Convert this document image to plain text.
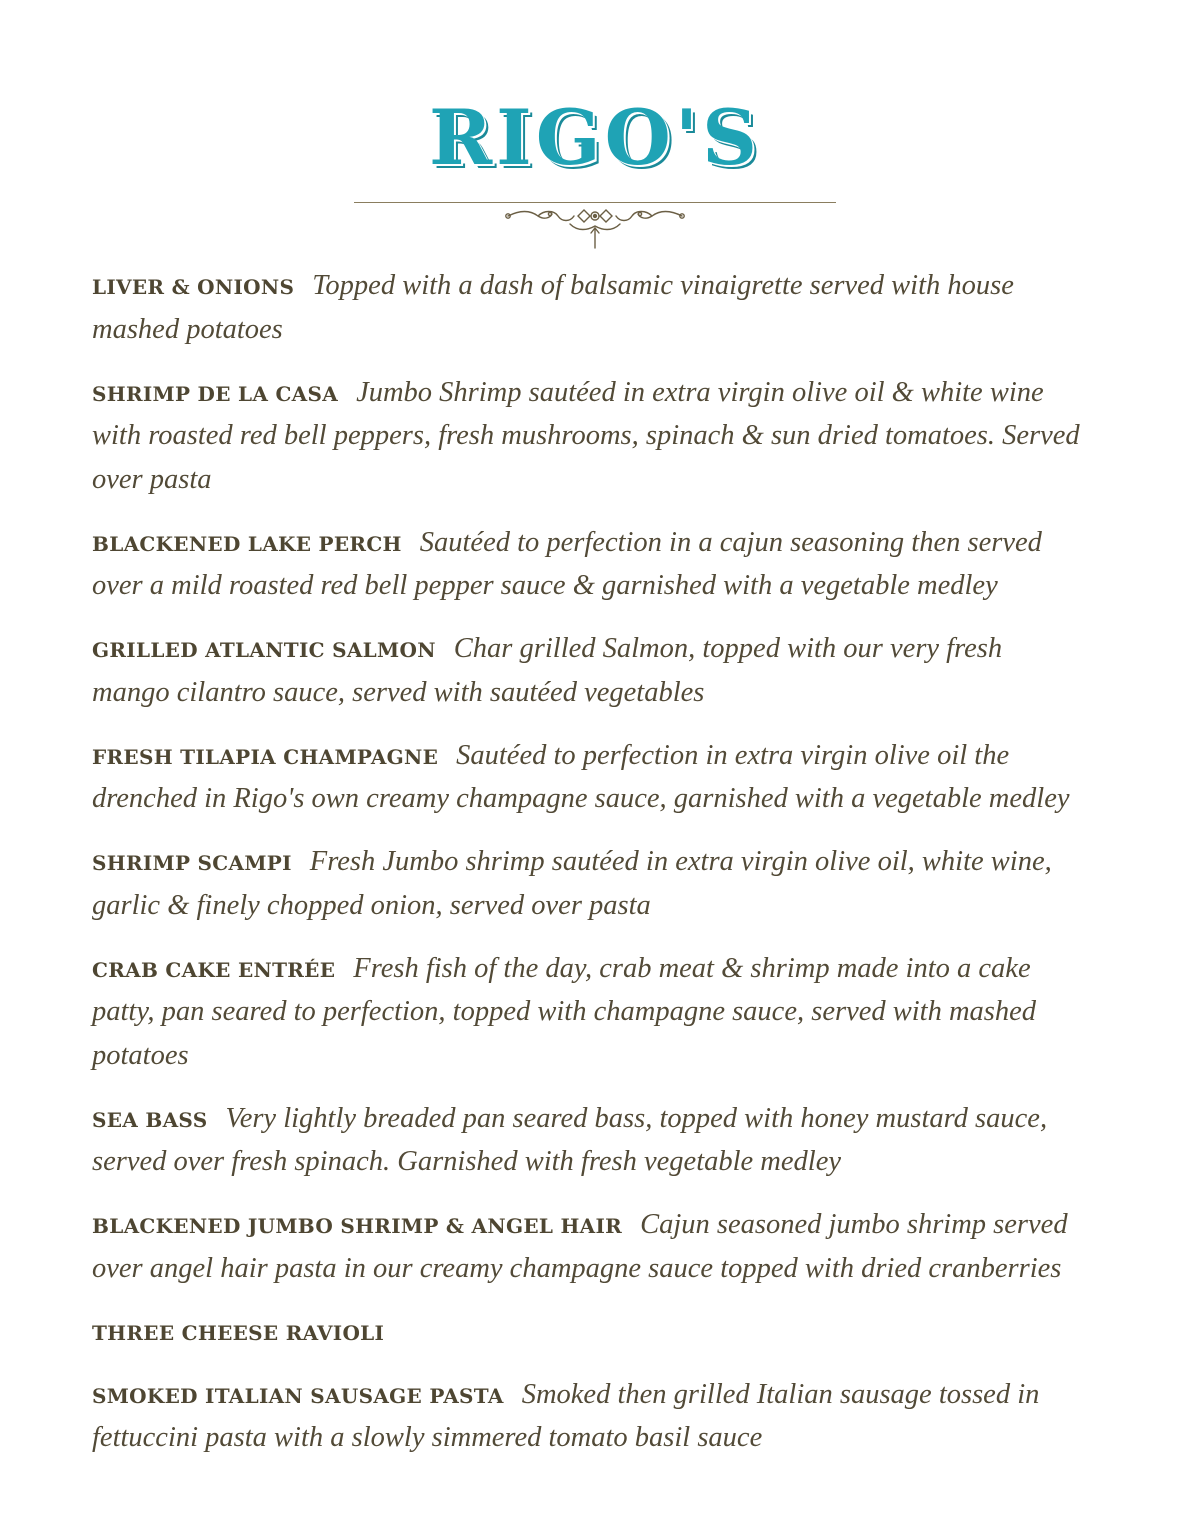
RIGO'S
LIVER & ONIONS Topped with a dash of balsamic vinaigrette served with house mashed potatoes
SHRIMP DE LA CASA Jumbo Shrimp sautéed in extra virgin olive oil & white wine with roasted red bell peppers, fresh mushrooms, spinach & sun dried tomatoes. Served over pasta
BLACKENED LAKE PERCH Sautéed to perfection in a cajun seasoning then served over a mild roasted red bell pepper sauce & garnished with a vegetable medley
GRILLED ATLANTIC SALMON Char grilled Salmon, topped with our very fresh mango cilantro sauce, served with sautéed vegetables
FRESH TILAPIA CHAMPAGNE Sautéed to perfection in extra virgin olive oil the drenched in Rigo's own creamy champagne sauce, garnished with a vegetable medley
SHRIMP SCAMPI Fresh Jumbo shrimp sautéed in extra virgin olive oil, white wine, garlic & finely chopped onion, served over pasta
CRAB CAKE ENTRÉE Fresh fish of the day, crab meat & shrimp made into a cake patty, pan seared to perfection, topped with champagne sauce, served with mashed potatoes
SEA BASS Very lightly breaded pan seared bass, topped with honey mustard sauce, served over fresh spinach. Garnished with fresh vegetable medley
BLACKENED JUMBO SHRIMP & ANGEL HAIR Cajun seasoned jumbo shrimp served over angel hair pasta in our creamy champagne sauce topped with dried cranberries
THREE CHEESE RAVIOLI
SMOKED ITALIAN SAUSAGE PASTA Smoked then grilled Italian sausage tossed in fettuccini pasta with a slowly simmered tomato basil sauce
